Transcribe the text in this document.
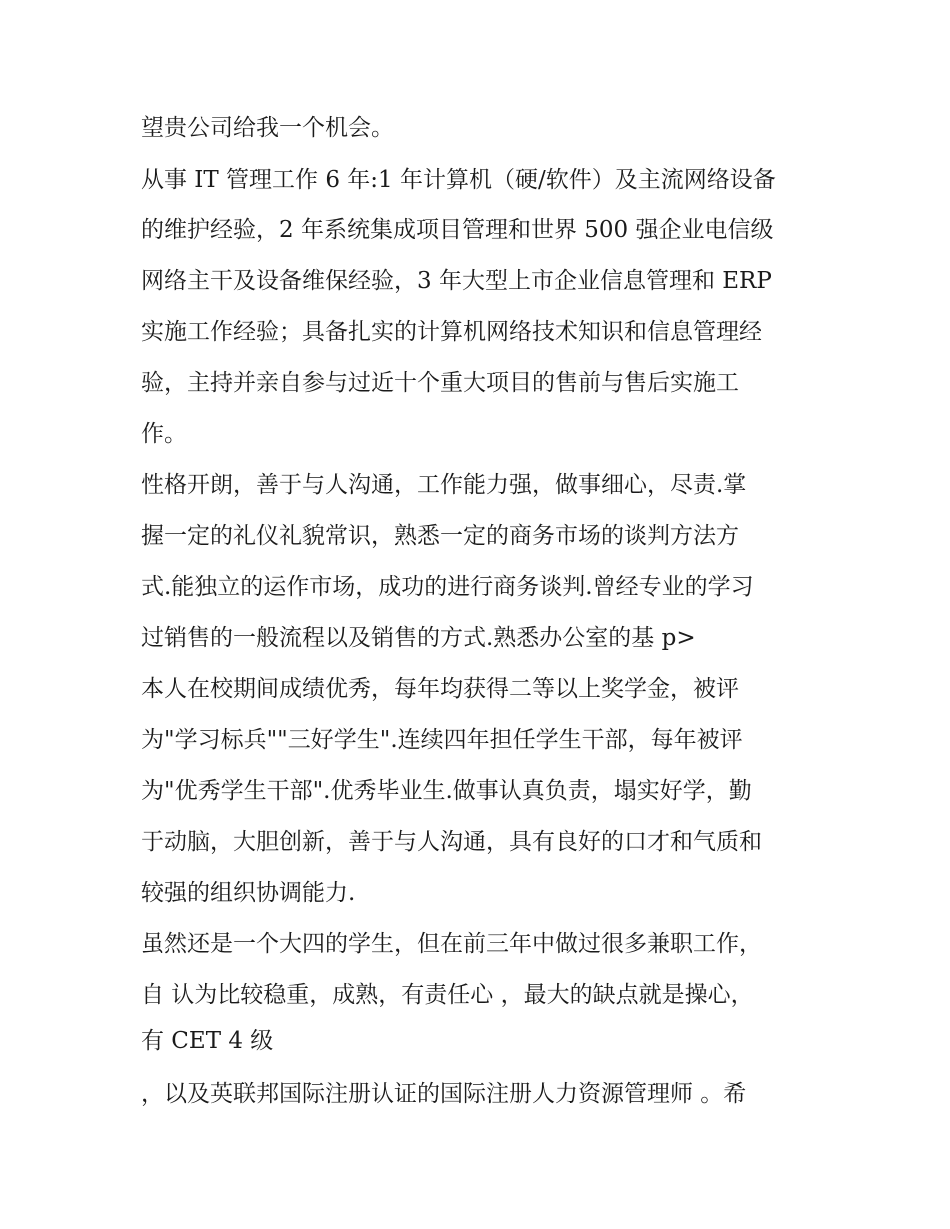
望贵公司给我一个机会。
从事 IT 管理工作 6 年:1 年计算机（硬/软件）及主流网络设备
的维护经验，2 年系统集成项目管理和世界 500 强企业电信级
网络主干及设备维保经验，3 年大型上市企业信息管理和 ERP
实施工作经验；具备扎实的计算机网络技术知识和信息管理经
验，主持并亲自参与过近十个重大项目的售前与售后实施工
作。
性格开朗，善于与人沟通，工作能力强，做事细心，尽责.掌
握一定的礼仪礼貌常识，熟悉一定的商务市场的谈判方法方
式.能独立的运作市场，成功的进行商务谈判.曾经专业的学习
过销售的一般流程以及销售的方式.熟悉办公室的基 p>
本人在校期间成绩优秀，每年均获得二等以上奖学金，被评
为"学习标兵""三好学生".连续四年担任学生干部，每年被评
为"优秀学生干部".优秀毕业生.做事认真负责，塌实好学，勤
于动脑，大胆创新，善于与人沟通，具有良好的口才和气质和
较强的组织协调能力.
虽然还是一个大四的学生，但在前三年中做过很多兼职工作，
自 认为比较稳重，成熟，有责任心 ，最大的缺点就是操心，
有 CET 4 级
，以及英联邦国际注册认证的国际注册人力资源管理师 。希
